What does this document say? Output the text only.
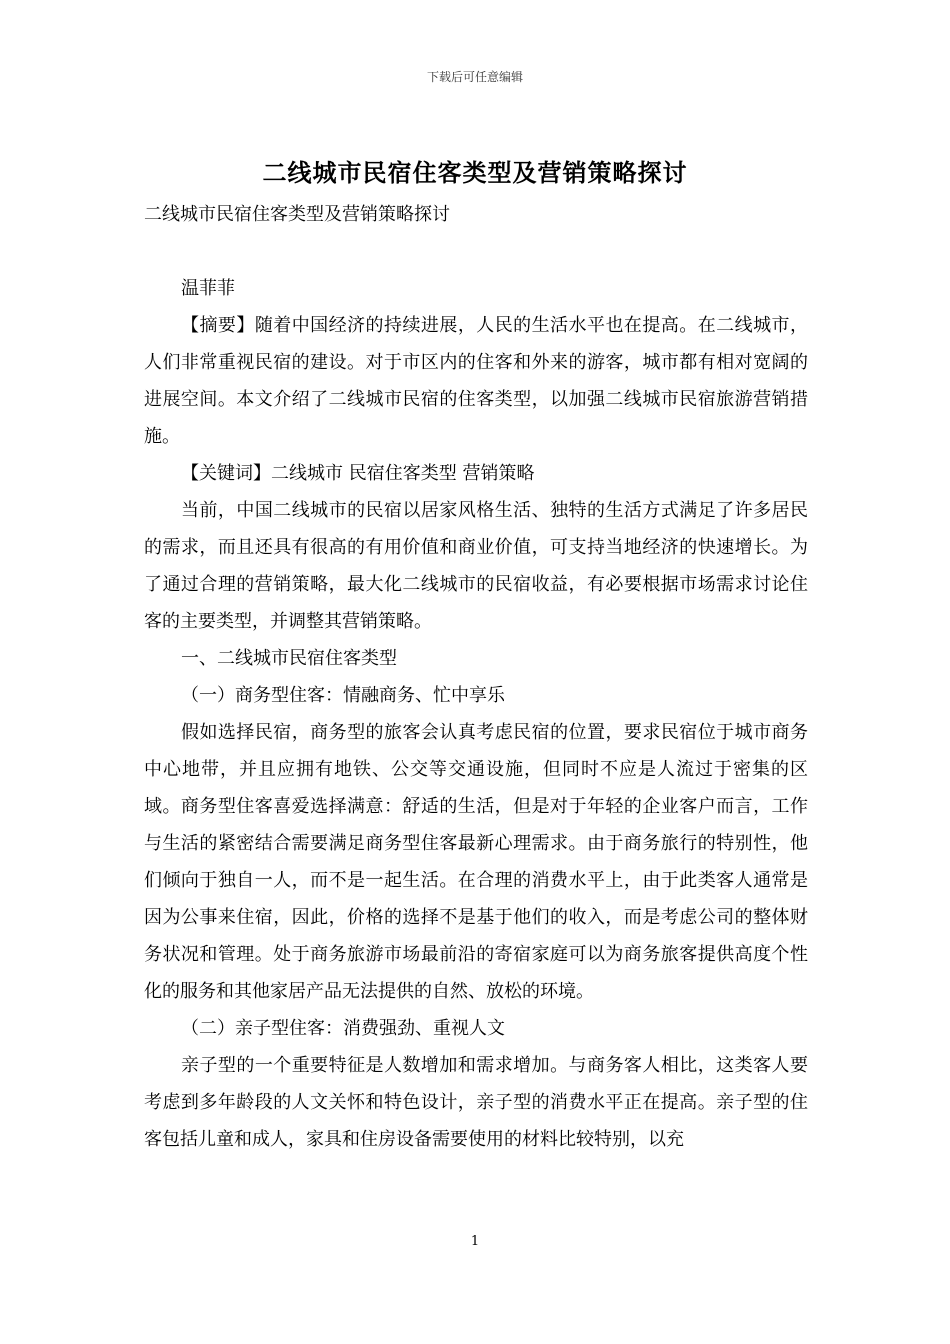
下载后可任意编辑
二线城市民宿住客类型及营销策略探讨

二线城市民宿住客类型及营销策略探讨

温菲菲

【摘要】随着中国经济的持续进展，人民的生活水平也在提高。在二线城市，人们非常重视民宿的建设。对于市区内的住客和外来的游客，城市都有相对宽阔的进展空间。本文介绍了二线城市民宿的住客类型，以加强二线城市民宿旅游营销措施。

【关键词】二线城市 民宿住客类型 营销策略

当前，中国二线城市的民宿以居家风格生活、独特的生活方式满足了许多居民的需求，而且还具有很高的有用价值和商业价值，可支持当地经济的快速增长。为了通过合理的营销策略，最大化二线城市的民宿收益，有必要根据市场需求讨论住客的主要类型，并调整其营销策略。

一、二线城市民宿住客类型

（一）商务型住客：情融商务、忙中享乐

假如选择民宿，商务型的旅客会认真考虑民宿的位置，要求民宿位于城市商务中心地带，并且应拥有地铁、公交等交通设施，但同时不应是人流过于密集的区域。商务型住客喜爱选择满意：舒适的生活，但是对于年轻的企业客户而言，工作与生活的紧密结合需要满足商务型住客最新心理需求。由于商务旅行的特别性，他们倾向于独自一人，而不是一起生活。在合理的消费水平上，由于此类客人通常是因为公事来住宿，因此，价格的选择不是基于他们的收入，而是考虑公司的整体财务状况和管理。处于商务旅游市场最前沿的寄宿家庭可以为商务旅客提供高度个性化的服务和其他家居产品无法提供的自然、放松的环境。

（二）亲子型住客：消费强劲、重视人文

亲子型的一个重要特征是人数增加和需求增加。与商务客人相比，这类客人要考虑到多年龄段的人文关怀和特色设计，亲子型的消费水平正在提高。亲子型的住客包括儿童和成人，家具和住房设备需要使用的材料比较特别，以充

1
